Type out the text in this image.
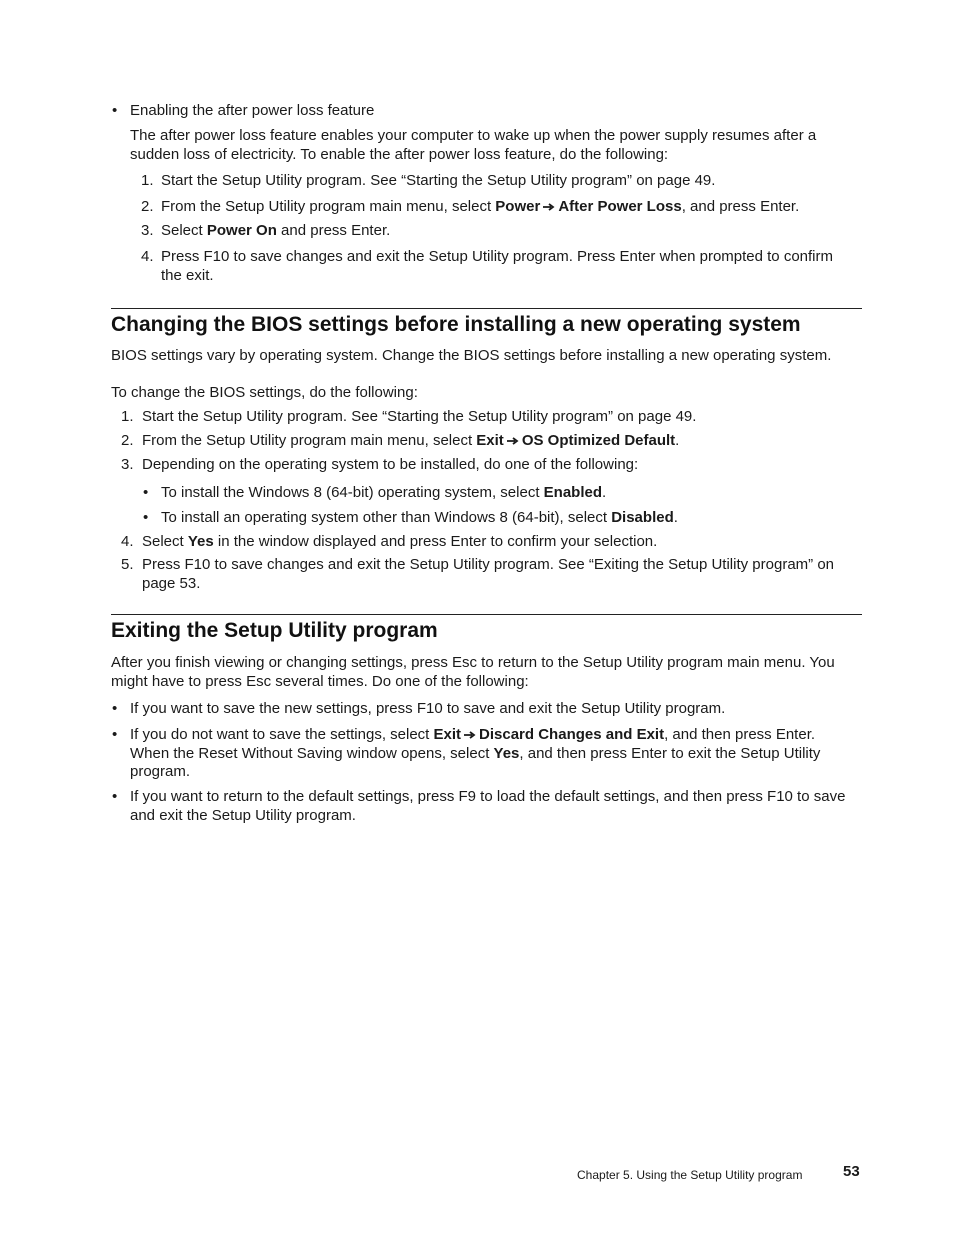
• Enabling the after power loss feature
The after power loss feature enables your computer to wake up when the power supply resumes after a sudden loss of electricity. To enable the after power loss feature, do the following:
1. Start the Setup Utility program. See “Starting the Setup Utility program” on page 49.
2. From the Setup Utility program main menu, select Power After Power Loss, and press Enter.
3. Select Power On and press Enter.
4. Press F10 to save changes and exit the Setup Utility program. Press Enter when prompted to confirm the exit.
Changing the BIOS settings before installing a new operating system
BIOS settings vary by operating system. Change the BIOS settings before installing a new operating system.
To change the BIOS settings, do the following:
1. Start the Setup Utility program. See “Starting the Setup Utility program” on page 49.
2. From the Setup Utility program main menu, select Exit OS Optimized Default.
3. Depending on the operating system to be installed, do one of the following:
• To install the Windows 8 (64-bit) operating system, select Enabled.
• To install an operating system other than Windows 8 (64-bit), select Disabled.
4. Select Yes in the window displayed and press Enter to confirm your selection.
5. Press F10 to save changes and exit the Setup Utility program. See “Exiting the Setup Utility program” on page 53.
Exiting the Setup Utility program
After you finish viewing or changing settings, press Esc to return to the Setup Utility program main menu. You might have to press Esc several times. Do one of the following:
• If you want to save the new settings, press F10 to save and exit the Setup Utility program.
• If you do not want to save the settings, select Exit Discard Changes and Exit, and then press Enter. When the Reset Without Saving window opens, select Yes, and then press Enter to exit the Setup Utility program.
• If you want to return to the default settings, press F9 to load the default settings, and then press F10 to save and exit the Setup Utility program.
Chapter 5. Using the Setup Utility program	53
